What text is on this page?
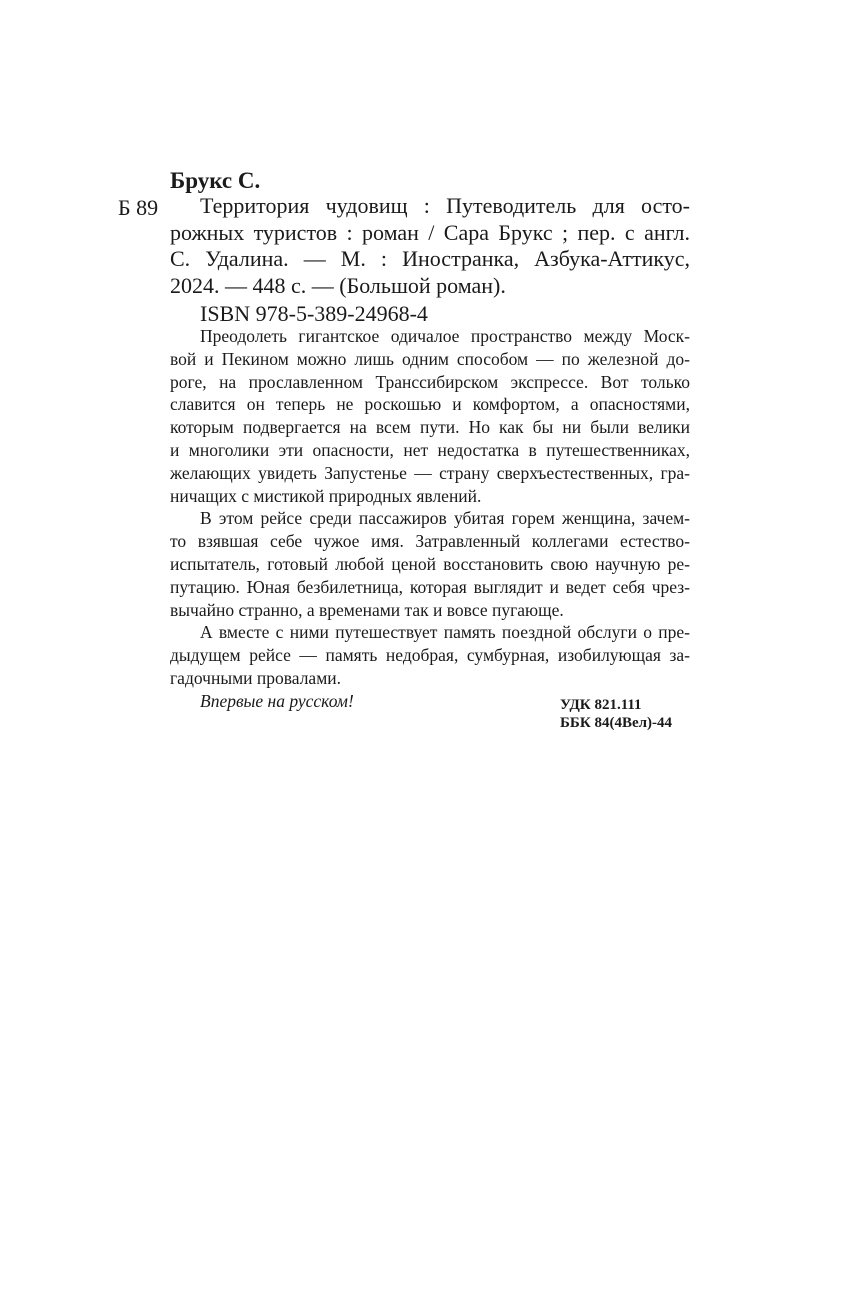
Брукс С.
Б 89	Территория чудовищ : Путеводитель для осто-
рожных туристов : роман / Сара Брукс ; пер. с англ.
С. Удалина. — М. : Иностранка, Азбука-Аттикус,
2024. — 448 с. — (Большой роман).
ISBN 978-5-389-24968-4
Преодолеть гигантское одичалое пространство между Моск-
вой и Пекином можно лишь одним способом — по железной до-
роге, на прославленном Транссибирском экспрессе. Вот только
славится он теперь не роскошью и комфортом, а опасностями,
которым подвергается на всем пути. Но как бы ни были велики
и многолики эти опасности, нет недостатка в путешественниках,
желающих увидеть Запустенье — страну сверхъестественных, гра-
ничащих с мистикой природных явлений.
В этом рейсе среди пассажиров убитая горем женщина, зачем-
то взявшая себе чужое имя. Затравленный коллегами естество-
испытатель, готовый любой ценой восстановить свою научную ре-
путацию. Юная безбилетница, которая выглядит и ведет себя чрез-
вычайно странно, а временами так и вовсе пугающе.
А вместе с ними путешествует память поездной обслуги о пре-
дыдущем рейсе — память недобрая, сумбурная, изобилующая за-
гадочными провалами.
Впервые на русском!	УДК 821.111
ББК 84(4Вел)-44
